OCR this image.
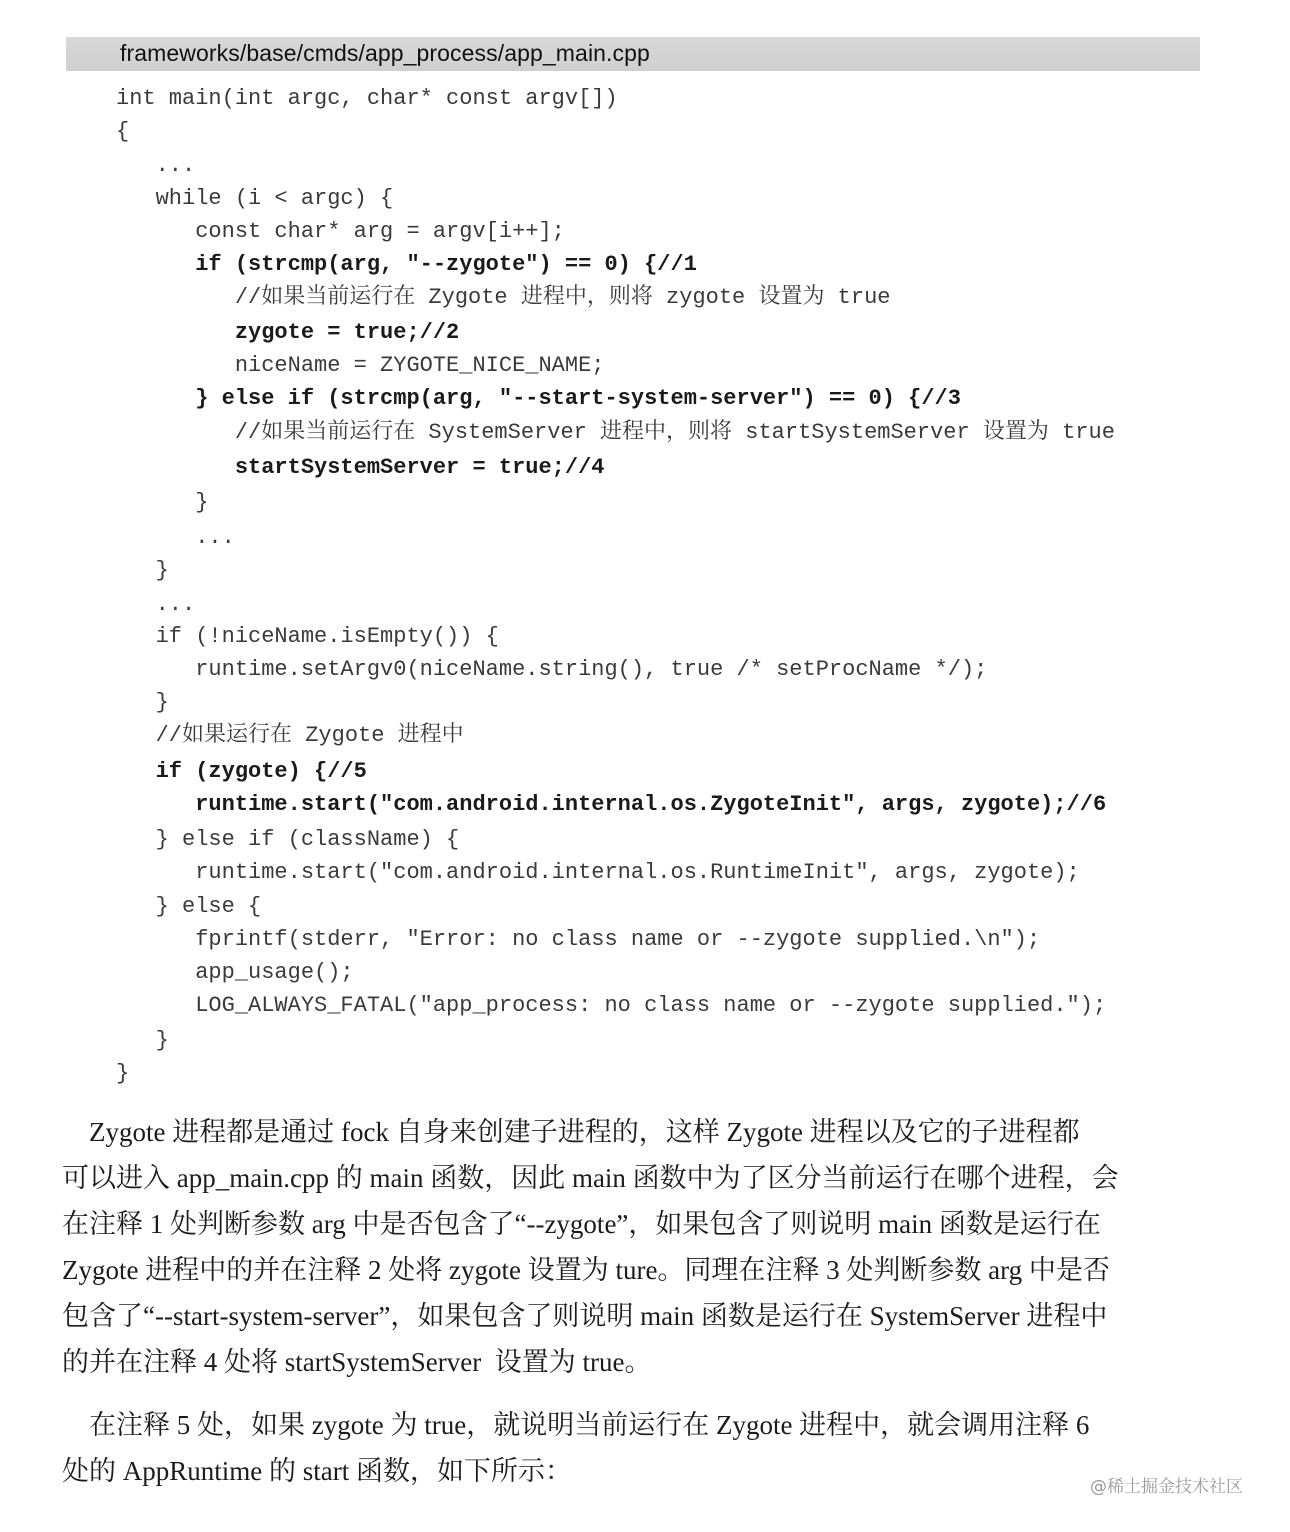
frameworks/base/cmds/app_process/app_main.cpp
int main(int argc, char* const argv[])
{
...
while (i < argc) {
const char* arg = argv[i++];
if (strcmp(arg, "--zygote") == 0) {//1
//如果当前运行在 Zygote 进程中，则将 zygote 设置为 true
zygote = true;//2
niceName = ZYGOTE_NICE_NAME;
} else if (strcmp(arg, "--start-system-server") == 0) {//3
//如果当前运行在 SystemServer 进程中，则将 startSystemServer 设置为 true
startSystemServer = true;//4
}
...
}
...
if (!niceName.isEmpty()) {
runtime.setArgv0(niceName.string(), true /* setProcName */);
}
//如果运行在 Zygote 进程中
if (zygote) {//5
runtime.start("com.android.internal.os.ZygoteInit", args, zygote);//6
} else if (className) {
runtime.start("com.android.internal.os.RuntimeInit", args, zygote);
} else {
fprintf(stderr, "Error: no class name or --zygote supplied.\n");
app_usage();
LOG_ALWAYS_FATAL("app_process: no class name or --zygote supplied.");
}
}
Zygote 进程都是通过 fock 自身来创建子进程的，这样 Zygote 进程以及它的子进程都
可以进入 app_main.cpp 的 main 函数，因此 main 函数中为了区分当前运行在哪个进程，会
在注释 1 处判断参数 arg 中是否包含了“--zygote”，如果包含了则说明 main 函数是运行在
Zygote 进程中的并在注释 2 处将 zygote 设置为 ture。同理在注释 3 处判断参数 arg 中是否
包含了“--start-system-server”，如果包含了则说明 main 函数是运行在 SystemServer 进程中
的并在注释 4 处将 startSystemServer  设置为 true。
在注释 5 处，如果 zygote 为 true，就说明当前运行在 Zygote 进程中，就会调用注释 6
处的 AppRuntime 的 start 函数，如下所示：
@稀土掘金技术社区
